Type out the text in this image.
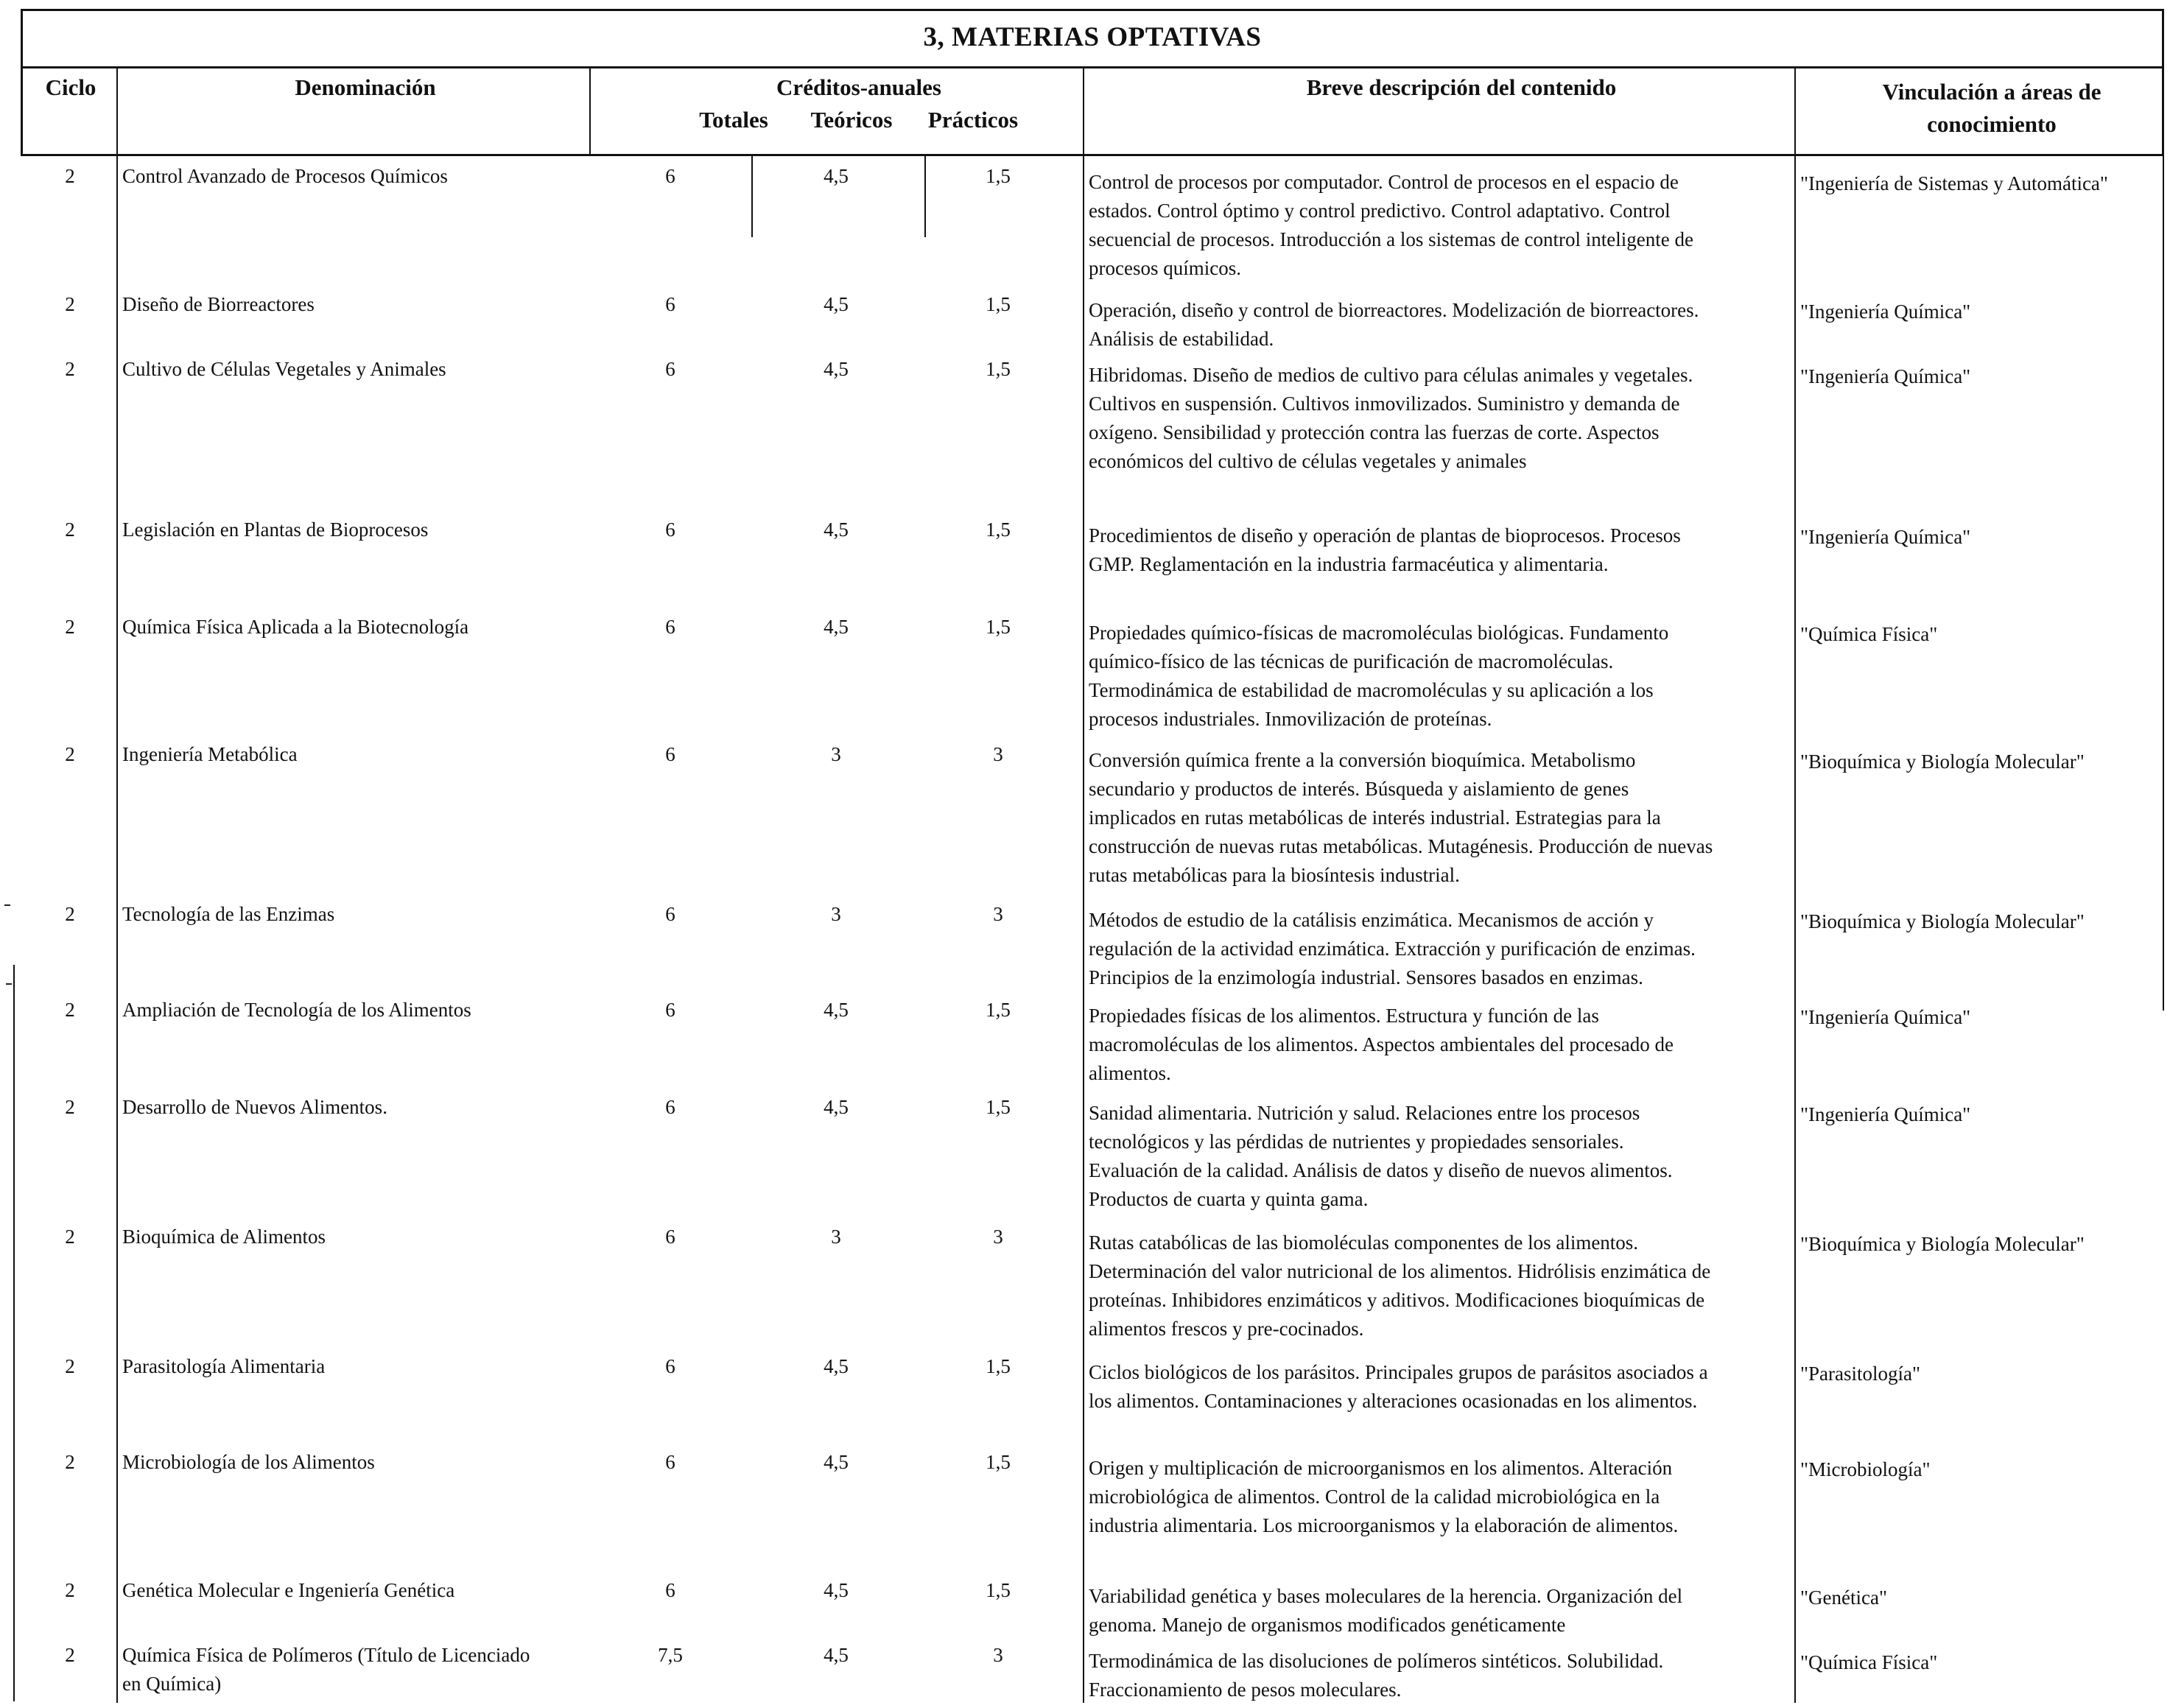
3, MATERIAS OPTATIVAS
Ciclo	Denominación	Créditos-anuales
Totales	Teóricos	Prácticos
Breve descripción del contenido	Vinculación a áreas de
conocimiento
2	Control Avanzado de Procesos Químicos	6	4,5	1,5	Control de procesos por computador. Control de procesos en el espacio de
estados. Control óptimo y control predictivo. Control adaptativo. Control
secuencial de procesos. Introducción a los sistemas de control inteligente de
procesos químicos.
"Ingeniería de Sistemas y Automática"
2	Diseño de Biorreactores	6	4,5	1,5	Operación, diseño y control de biorreactores. Modelización de biorreactores.
Análisis de estabilidad.
"Ingeniería Química"
2	Cultivo de Células Vegetales y Animales	6	4,5	1,5	Hibridomas. Diseño de medios de cultivo para células animales y vegetales.
Cultivos en suspensión. Cultivos inmovilizados. Suministro y demanda de
oxígeno. Sensibilidad y protección contra las fuerzas de corte. Aspectos
económicos del cultivo de células vegetales y animales
"Ingeniería Química"
2	Legislación en Plantas de Bioprocesos	6	4,5	1,5	Procedimientos de diseño y operación de plantas de bioprocesos. Procesos
GMP. Reglamentación en la industria farmacéutica y alimentaria.
"Ingeniería Química"
2	Química Física Aplicada a la Biotecnología	6	4,5	1,5	Propiedades químico-físicas de macromoléculas biológicas. Fundamento
químico-físico de las técnicas de purificación de macromoléculas.
Termodinámica de estabilidad de macromoléculas y su aplicación a los
procesos industriales. Inmovilización de proteínas.
"Química Física"
2	Ingeniería Metabólica	6	3	3	Conversión química frente a la conversión bioquímica. Metabolismo
secundario y productos de interés. Búsqueda y aislamiento de genes
implicados en rutas metabólicas de interés industrial. Estrategias para la
construcción de nuevas rutas metabólicas. Mutagénesis. Producción de nuevas
rutas metabólicas para la biosíntesis industrial.
"Bioquímica y Biología Molecular"
2	Tecnología de las Enzimas	6	3	3	Métodos de estudio de la catálisis enzimática. Mecanismos de acción y
regulación de la actividad enzimática. Extracción y purificación de enzimas.
Principios de la enzimología industrial. Sensores basados en enzimas.
"Bioquímica y Biología Molecular"
2	Ampliación de Tecnología de los Alimentos	6	4,5	1,5	Propiedades físicas de los alimentos. Estructura y función de las
macromoléculas de los alimentos. Aspectos ambientales del procesado de
alimentos.
"Ingeniería Química"
2	Desarrollo de Nuevos Alimentos.	6	4,5	1,5	Sanidad alimentaria. Nutrición y salud. Relaciones entre los procesos
tecnológicos y las pérdidas de nutrientes y propiedades sensoriales.
Evaluación de la calidad. Análisis de datos y diseño de nuevos alimentos.
Productos de cuarta y quinta gama.
"Ingeniería Química"
2	Bioquímica de Alimentos	6	3	3	Rutas catabólicas de las biomoléculas componentes de los alimentos.
Determinación del valor nutricional de los alimentos. Hidrólisis enzimática de
proteínas. Inhibidores enzimáticos y aditivos. Modificaciones bioquímicas de
alimentos frescos y pre-cocinados.
"Bioquímica y Biología Molecular"
2	Parasitología Alimentaria	6	4,5	1,5	Ciclos biológicos de los parásitos. Principales grupos de parásitos asociados a
los alimentos. Contaminaciones y alteraciones ocasionadas en los alimentos.
"Parasitología"
2	Microbiología de los Alimentos	6	4,5	1,5	Origen y multiplicación de microorganismos en los alimentos. Alteración
microbiológica de alimentos. Control de la calidad microbiológica en la
industria alimentaria. Los microorganismos y la elaboración de alimentos.
"Microbiología"
2	Genética Molecular e Ingeniería Genética	6	4,5	1,5	Variabilidad genética y bases moleculares de la herencia. Organización del
genoma. Manejo de organismos modificados genéticamente
"Genética"
2	Química Física de Polímeros (Título de Licenciado
en Química)
7,5	4,5	3	Termodinámica de las disoluciones de polímeros sintéticos. Solubilidad.
Fraccionamiento de pesos moleculares.
"Química Física"
